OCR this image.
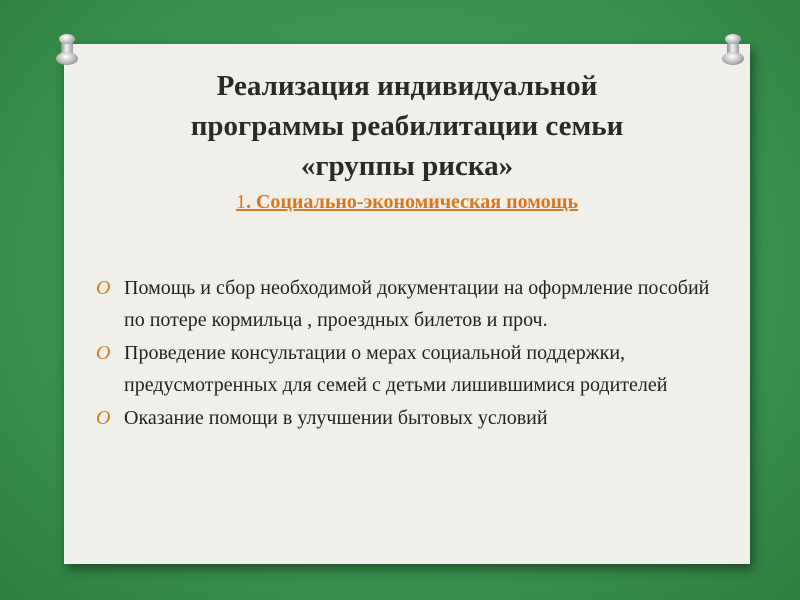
Реализация индивидуальной
программы реабилитации семьи
«группы риска»
1. Социально-экономическая помощь
O Помощь и сбор необходимой документации на оформление пособий по потере кормильца , проездных билетов и проч.
O Проведение консультации о мерах социальной поддержки, предусмотренных для семей с детьми лишившимися родителей
O Оказание помощи в улучшении бытовых условий
